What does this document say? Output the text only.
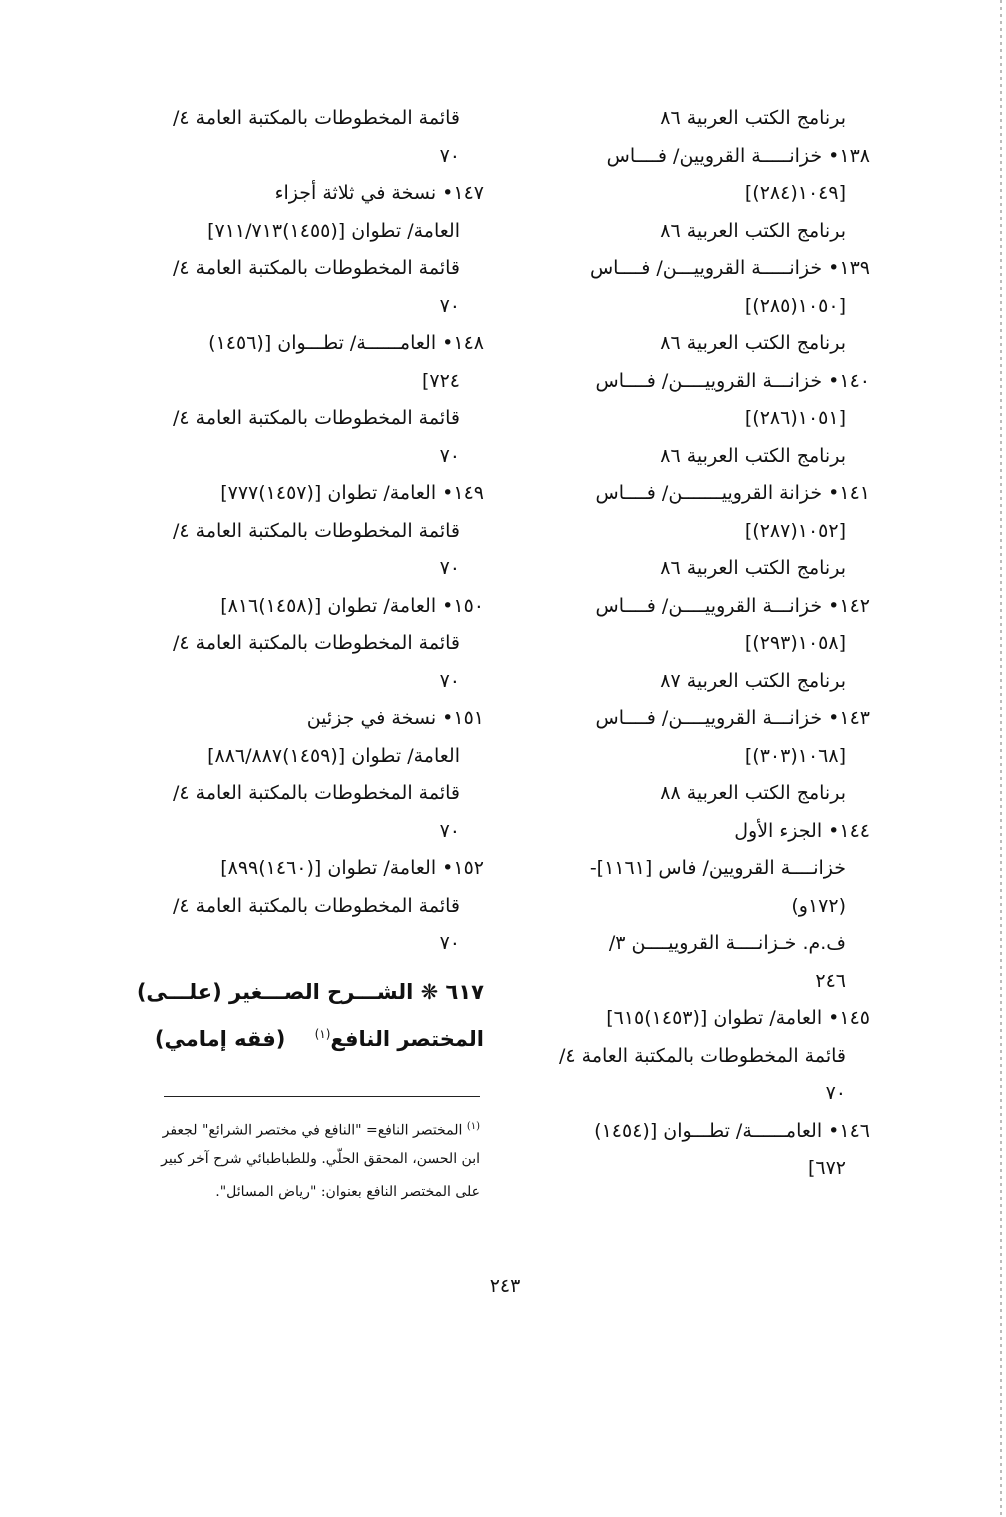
برنامج الكتب العربية ٨٦
١٣٨• خزانـــــة القرويين/ فــــاس
[١٠٤٩(٢٨٤)]
برنامج الكتب العربية ٨٦
١٣٩• خزانـــــة القروييـــن/ فــــاس
[١٠٥٠(٢٨٥)]
برنامج الكتب العربية ٨٦
١٤٠• خزانـــة القروييــــن/ فــــاس
[١٠٥١(٢٨٦)]
برنامج الكتب العربية ٨٦
١٤١• خزانة القروييـــــــن/ فــــاس
[١٠٥٢(٢٨٧)]
برنامج الكتب العربية ٨٦
١٤٢• خزانـــة القروييــــن/ فــــاس
[١٠٥٨(٢٩٣)]
برنامج الكتب العربية ٨٧
١٤٣• خزانـــة القروييــــن/ فــــاس
[١٠٦٨(٣٠٣)]
برنامج الكتب العربية ٨٨
١٤٤• الجزء الأول
خزانــــة القرويين/ فاس [١١٦١]-
(١٧٢و)
ف.م. خـزانــــة القروييــــن ٣/
٢٤٦
١٤٥• العامة/ تطوان [(١٤٥٣)٦١٥]
قائمة المخطوطات بالمكتبة العامة ٤/
٧٠
١٤٦• العامــــــة/ تطـــوان [(١٤٥٤)
٦٧٢]
قائمة المخطوطات بالمكتبة العامة ٤/
٧٠
١٤٧• نسخة في ثلاثة أجزاء
العامة/ تطوان [(١٤٥٥)٧١١/٧١٣]
قائمة المخطوطات بالمكتبة العامة ٤/
٧٠
١٤٨• العامــــــة/ تطـــوان [(١٤٥٦)
٧٢٤]
قائمة المخطوطات بالمكتبة العامة ٤/
٧٠
١٤٩• العامة/ تطوان [(١٤٥٧)٧٧٧]
قائمة المخطوطات بالمكتبة العامة ٤/
٧٠
١٥٠• العامة/ تطوان [(١٤٥٨)٨١٦]
قائمة المخطوطات بالمكتبة العامة ٤/
٧٠
١٥١• نسخة في جزئين
العامة/ تطوان [(١٤٥٩)٨٨٦/٨٨٧]
قائمة المخطوطات بالمكتبة العامة ٤/
٧٠
١٥٢• العامة/ تطوان [(١٤٦٠)٨٩٩]
قائمة المخطوطات بالمكتبة العامة ٤/
٧٠
٦١٧ ❋ الشـــرح الصـــغير (علـــى)
المختصر النافع$^{(١)}$    (فقه إمامي)
$^{(١)}$ المختصر النافع= "النافع في مختصر الشرائع" لجعفر
ابن الحسن، المحقق الحلّي. وللطباطبائي شرح آخر كبير
على المختصر النافع بعنوان: "رياض المسائل".
٢٤٣
